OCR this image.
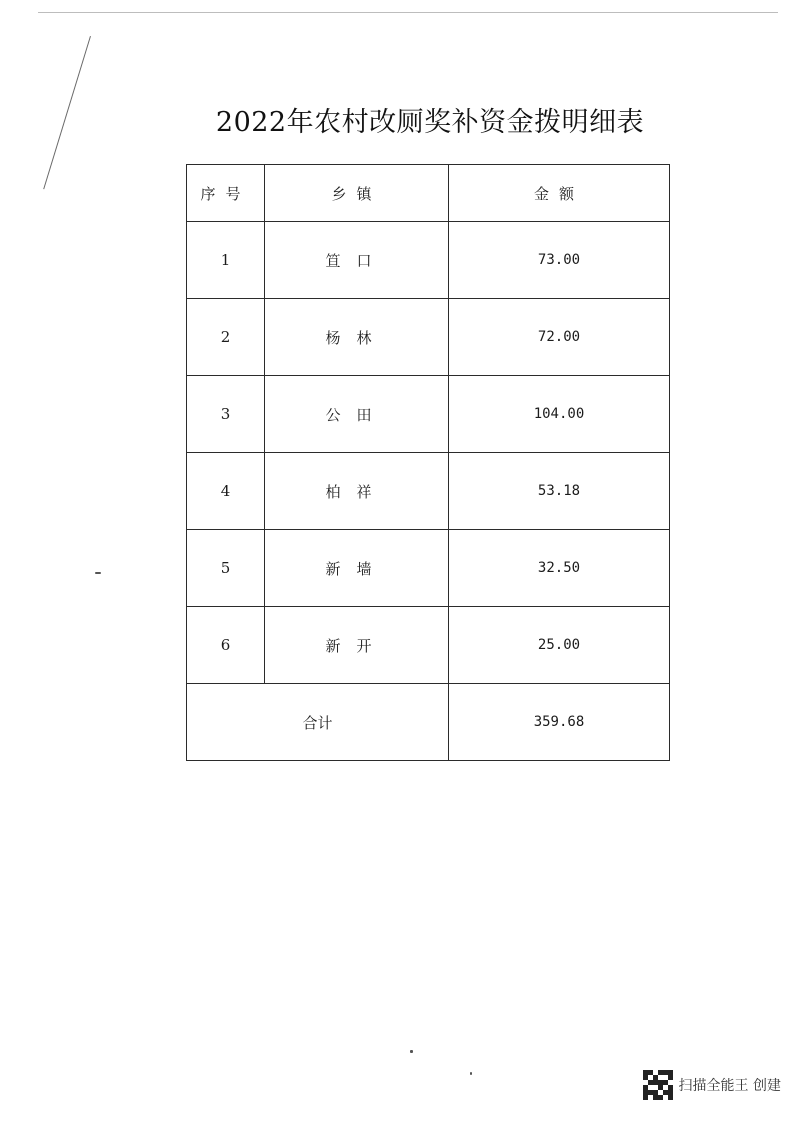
2022年农村改厕奖补资金拨明细表
序号	乡镇	金额
1	笪口	73.00
2	杨林	72.00
3	公田	104.00
4	柏祥	53.18
5	新墙	32.50
6	新开	25.00
合计		359.68
扫描全能王 创建
